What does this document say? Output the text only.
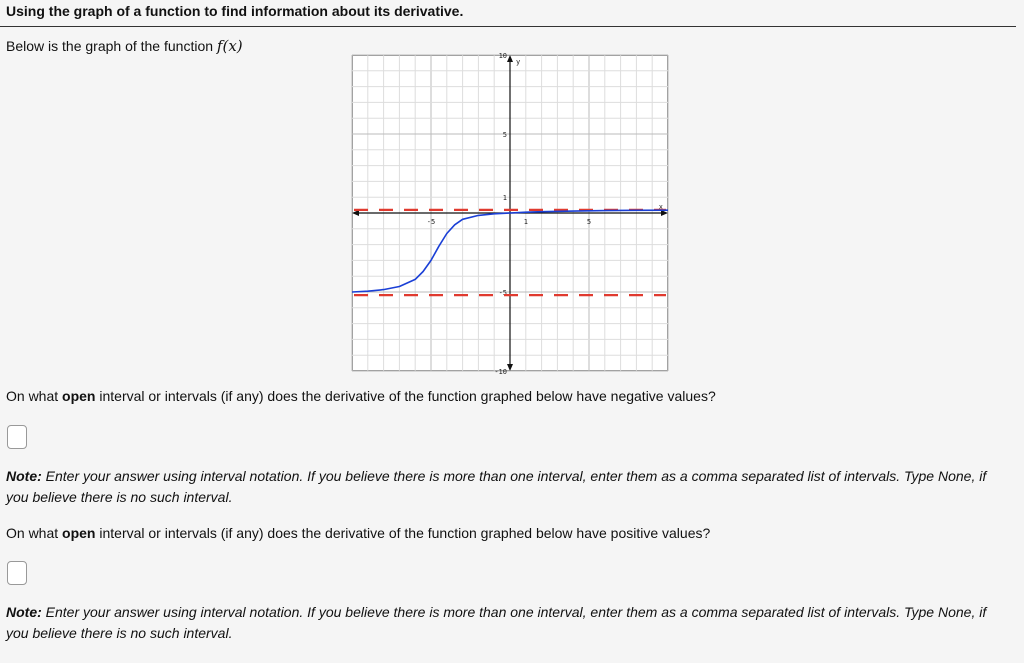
Using the graph of a function to find information about its derivative.
Below is the graph of the function f(x)
-5	1	5
10
5
1
-5
-10
x
y
On what open interval or intervals (if any) does the derivative of the function graphed below have negative values?
Note: Enter your answer using interval notation. If you believe there is more than one interval, enter them as a comma separated list of intervals. Type None, if you believe there is no such interval.
On what open interval or intervals (if any) does the derivative of the function graphed below have positive values?
Note: Enter your answer using interval notation. If you believe there is more than one interval, enter them as a comma separated list of intervals. Type None, if you believe there is no such interval.
